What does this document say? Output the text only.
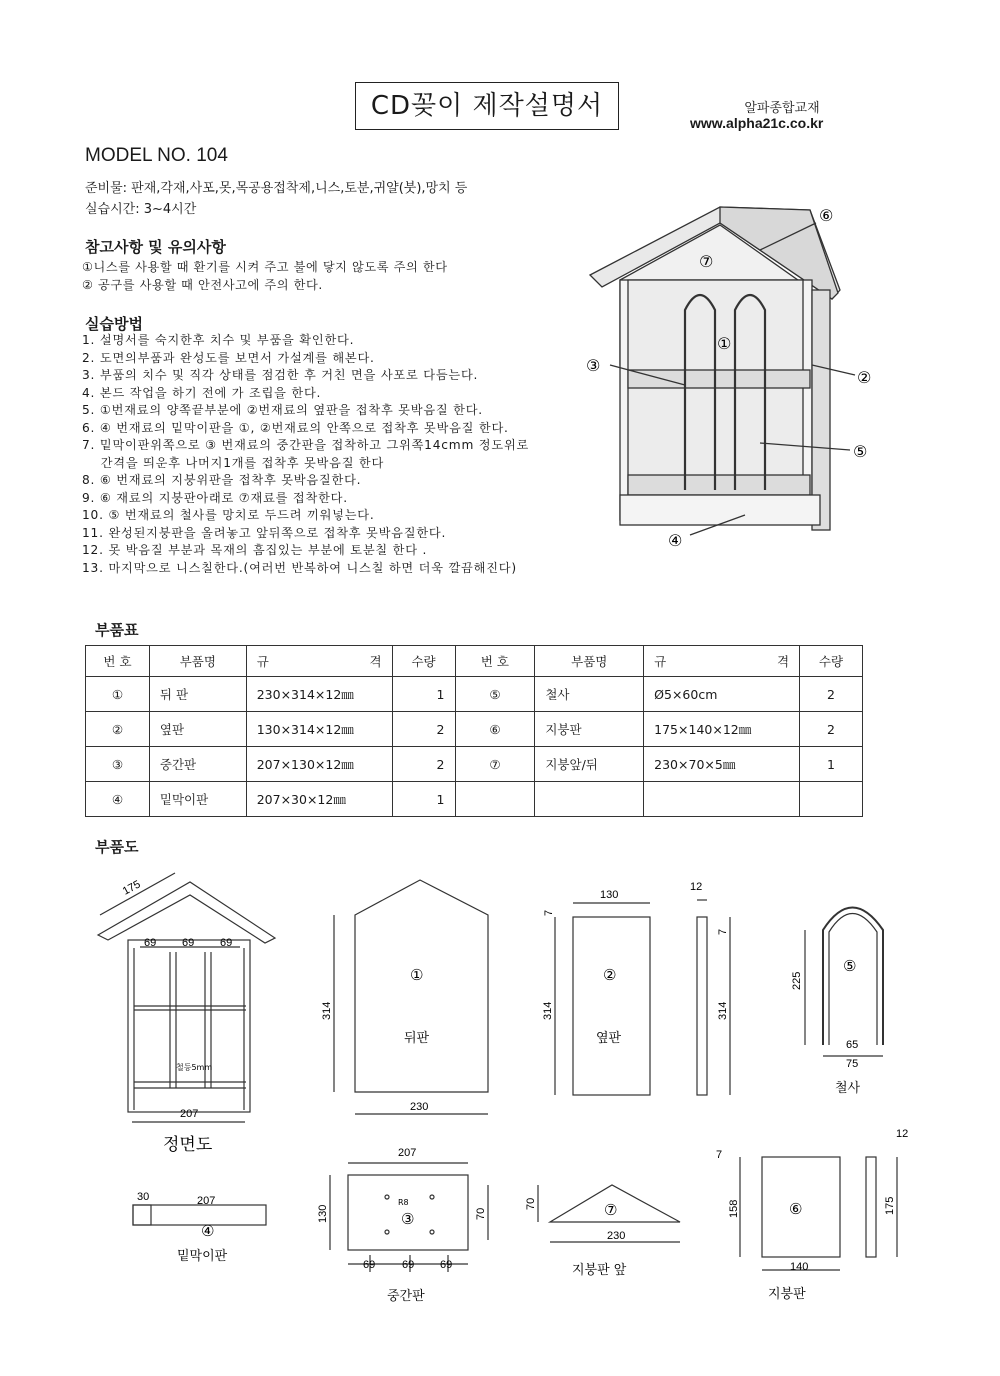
CD꽂이 제작설명서	알파종합교재
www.alpha21c.co.kr
MODEL NO. 104
준비물: 판재,각재,사포,못,목공용접착제,니스,토분,귀얄(붓),망치 등
실습시간: 3~4시간
참고사항 및 유의사항
①니스를 사용할 때 환기를 시켜 주고 불에 닿지 않도록 주의 한다
② 공구를 사용할 때 안전사고에 주의 한다.
실습방법
1. 설명서를 숙지한후 치수 및 부품을 확인한다.
2. 도면의부품과 완성도를 보면서 가설계를 해본다.
3. 부품의 치수 및 직각 상태를 점검한 후 거친 면을 사포로 다듬는다.
4. 본드 작업을 하기 전에 가 조립을 한다.
5. ①번재료의 양쪽끝부분에 ②번재료의 옆판을 접착후 못박음질 한다.
6. ④ 번재료의 밑막이판을 ①, ②번재료의 안쪽으로 접착후 못박음질 한다.
7. 밑막이판위쪽으로 ③ 번재료의 중간판을 접착하고 그위쪽14cmm 정도위로
간격을 띄운후 나머지1개를 접착후 못박음질 한다
8. ⑥ 번재료의 지붕위판을 접착후 못박음질한다.
9. ⑥ 재료의 지붕판아래로 ⑦재료를 접착한다.
10. ⑤ 번재료의 철사를 망치로 두드려 끼워넣는다.
11. 완성된지붕판을 올려놓고 앞뒤쪽으로 접착후 못박음질한다.
12. 못 박음질 부분과 목재의 흠집있는 부분에 토분칠 한다 .
13. 마지막으로 니스칠한다.(여러번 반복하여 니스칠 하면 더욱 깔끔해진다)
⑥
⑦
①
③
②
⑤
④
부품표
번 호	부품명	규	격	수량	번 호	부품명	규	격	수량
①	뒤 판	230×314×12㎜		1	⑤	철사	Ø5×60cm		2
②	옆판	130×314×12㎜		2	⑥	지붕판	175×140×12㎜		2
③	중간판	207×130×12㎜		2	⑦	지붕앞/뒤	230×70×5㎜		1
④	밑막이판	207×30×12㎜		1					
부품도
175
69 69 69
207
철등5mm
정면도
①
뒤판
314
230
②
옆판
130
7
314
12
7
314
⑤
225
65
75
철사
30	207
④
밑막이판
207
130	70
R8
③
69 69 69
중간판
⑦
70
230
지붕판 앞
7
158	⑥
140
12
175
지붕판
